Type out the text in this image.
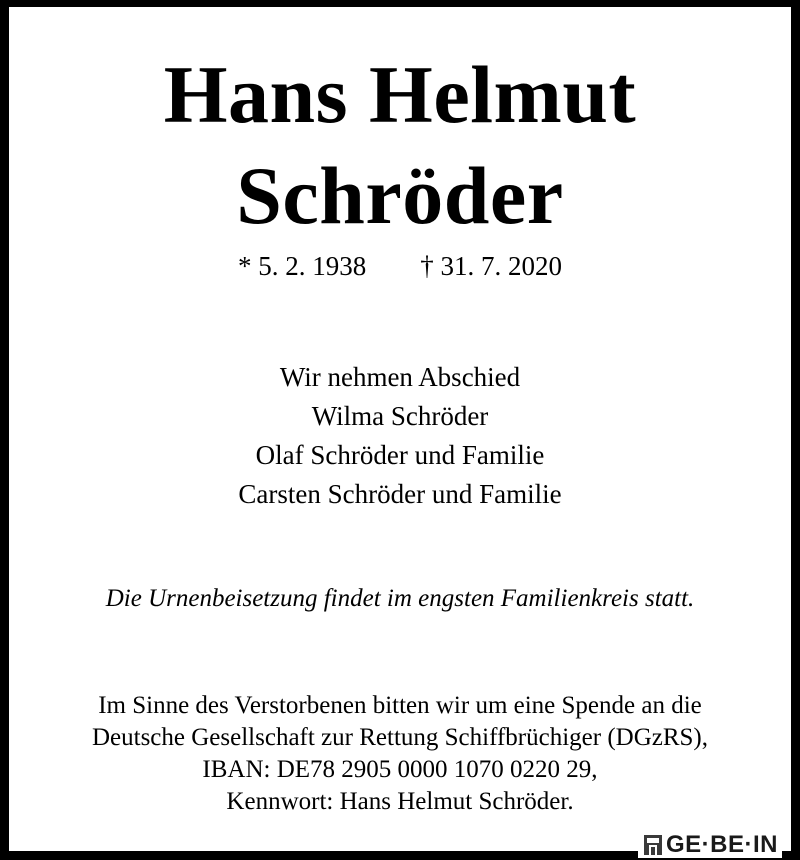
Hans Helmut
Schröder
* 5. 2. 1938 † 31. 7. 2020
Wir nehmen Abschied
Wilma Schröder
Olaf Schröder und Familie
Carsten Schröder und Familie
Die Urnenbeisetzung findet im engsten Familienkreis statt.
Im Sinne des Verstorbenen bitten wir um eine Spende an die
Deutsche Gesellschaft zur Rettung Schiffbrüchiger (DGzRS),
IBAN: DE78 2905 0000 1070 0220 29,
Kennwort: Hans Helmut Schröder.
GE·BE·IN
